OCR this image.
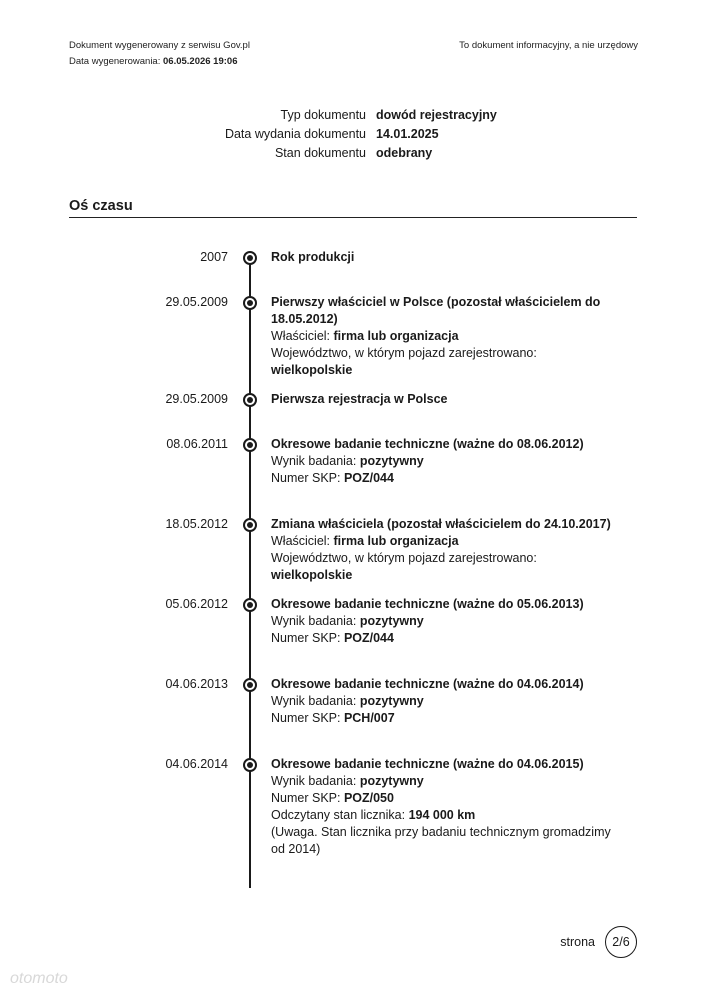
Dokument wygenerowany z serwisu Gov.pl
Data wygenerowania: 06.05.2026 19:06
To dokument informacyjny, a nie urzędowy
Typ dokumentu dowód rejestracyjny
Data wydania dokumentu 14.01.2025
Stan dokumentu odebrany
Oś czasu
2007	Rok produkcji
29.05.2009	Pierwszy właściciel w Polsce (pozostał właścicielem do 18.05.2012)
Właściciel: firma lub organizacja
Województwo, w którym pojazd zarejestrowano: wielkopolskie
29.05.2009	Pierwsza rejestracja w Polsce
08.06.2011	Okresowe badanie techniczne (ważne do 08.06.2012)
Wynik badania: pozytywny
Numer SKP: POZ/044
18.05.2012	Zmiana właściciela (pozostał właścicielem do 24.10.2017)
Właściciel: firma lub organizacja
Województwo, w którym pojazd zarejestrowano: wielkopolskie
05.06.2012	Okresowe badanie techniczne (ważne do 05.06.2013)
Wynik badania: pozytywny
Numer SKP: POZ/044
04.06.2013	Okresowe badanie techniczne (ważne do 04.06.2014)
Wynik badania: pozytywny
Numer SKP: PCH/007
04.06.2014	Okresowe badanie techniczne (ważne do 04.06.2015)
Wynik badania: pozytywny
Numer SKP: POZ/050
Odczytany stan licznika: 194 000 km
(Uwaga. Stan licznika przy badaniu technicznym gromadzimy od 2014)
strona	2/6
otomoto
